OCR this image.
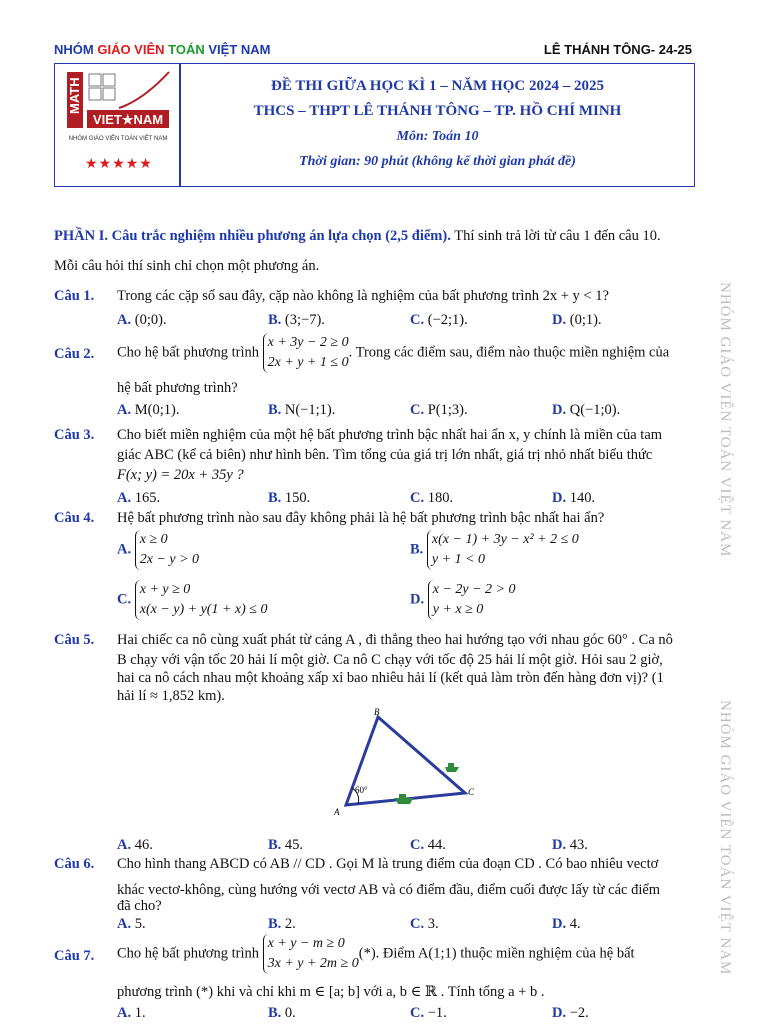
NHÓM GIÁO VIÊN TOÁN VIỆT NAM	LÊ THÁNH TÔNG- 24-25
MATH
VIET★NAM
NHÓM GIÁO VIÊN TOÁN VIỆT NAM
★★★★★
ĐỀ THI GIỮA HỌC KÌ 1 – NĂM HỌC 2024 – 2025
THCS – THPT LÊ THÁNH TÔNG – TP. HỒ CHÍ MINH
Môn: Toán 10
Thời gian: 90 phút (không kể thời gian phát đề)
PHẦN I. Câu trắc nghiệm nhiều phương án lựa chọn (2,5 điểm). Thí sinh trả lời từ câu 1 đến câu 10.
Mỗi câu hỏi thí sinh chỉ chọn một phương án.
Câu 1. Trong các cặp số sau đây, cặp nào không là nghiệm của bất phương trình 2x + y < 1?
A. (0;0).	B. (3;−7).	C. (−2;1).	D. (0;1).
Câu 2. Cho hệ bất phương trình x + 3y − 2 ≥ 0
2x + y + 1 ≤ 0. Trong các điểm sau, điểm nào thuộc miền nghiệm của
hệ bất phương trình?
A. M(0;1).	B. N(−1;1).	C. P(1;3).	D. Q(−1;0).
Câu 3. Cho biết miền nghiệm của một hệ bất phương trình bậc nhất hai ẩn x, y chính là miền của tam
giác ABC (kể cả biên) như hình bên. Tìm tổng của giá trị lớn nhất, giá trị nhỏ nhất biểu thức
F(x; y) = 20x + 35y ?
A. 165.	B. 150.	C. 180.	D. 140.
Câu 4. Hệ bất phương trình nào sau đây không phải là hệ bất phương trình bậc nhất hai ẩn?
A. x ≥ 0
2x − y > 0
B. x(x − 1) + 3y − x² + 2 ≤ 0
y + 1 < 0
C. x + y ≥ 0
x(x − y) + y(1 + x) ≤ 0
D. x − 2y − 2 > 0
y + x ≥ 0
Câu 5. Hai chiếc ca nô cùng xuất phát từ cảng A , đi thẳng theo hai hướng tạo với nhau góc 60° . Ca nô
B chạy với vận tốc 20 hải lí một giờ. Ca nô C chạy với tốc độ 25 hải lí một giờ. Hỏi sau 2 giờ,
hai ca nô cách nhau một khoảng xấp xỉ bao nhiêu hải lí (kết quả làm tròn đến hàng đơn vị)? (1
hải lí ≈ 1,852 km).
60°
B
A
C
A. 46.	B. 45.	C. 44.	D. 43.
Câu 6. Cho hình thang ABCD có AB // CD . Gọi M là trung điểm của đoạn CD . Có bao nhiêu vectơ
khác vectơ-không, cùng hướng với vectơ AB và có điểm đầu, điểm cuối được lấy từ các điểm
đã cho?
A. 5.	B. 2.	C. 3.	D. 4.
Câu 7. Cho hệ bất phương trình x + y − m ≥ 0
3x + y + 2m ≥ 0(*). Điểm A(1;1) thuộc miền nghiệm của hệ bất
phương trình (*) khi và chỉ khi m ∈ [a; b] với a, b ∈ ℝ . Tính tổng a + b .
A. 1.	B. 0.	C. −1.	D. −2.
NHÓM GIÁO VIÊN TOÁN VIỆT NAM
NHÓM GIÁO VIÊN TOÁN VIỆT NAM
